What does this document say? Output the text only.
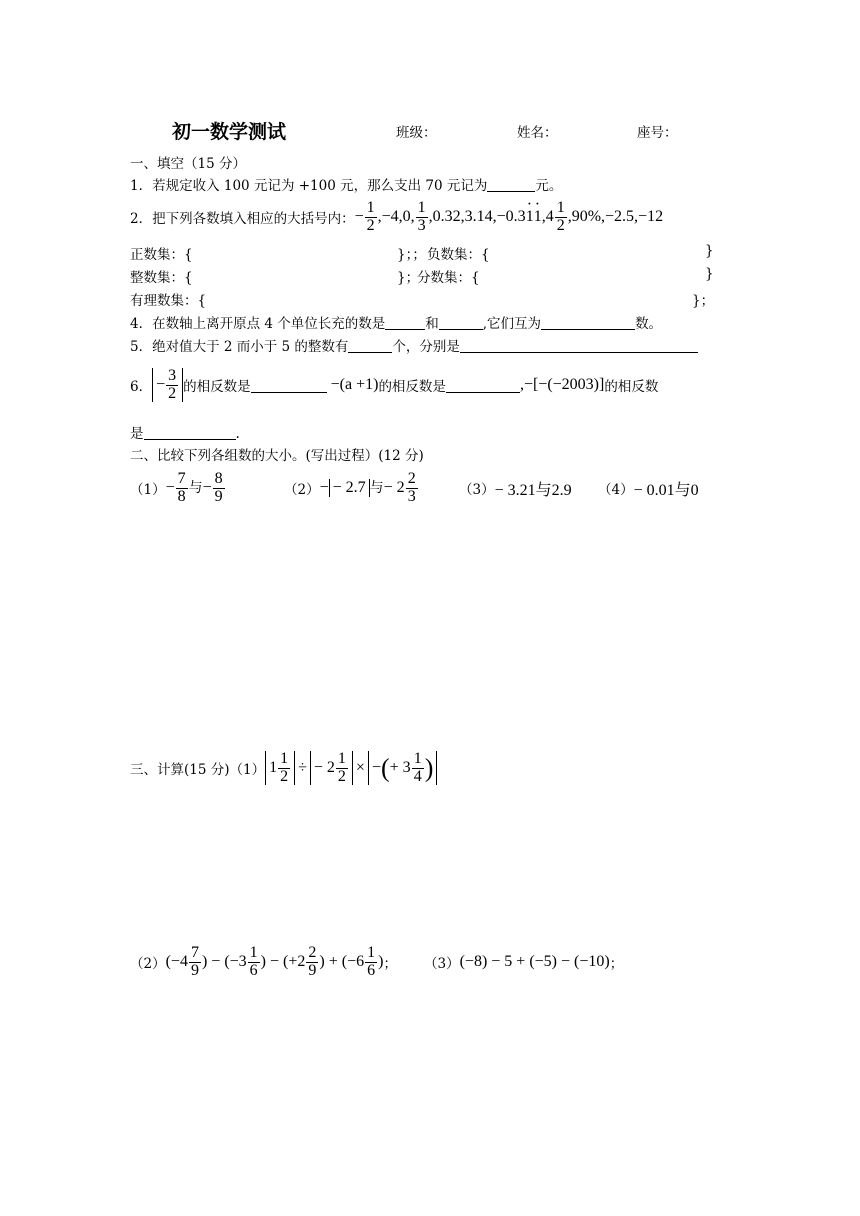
初一数学测试	班级：	姓名：	座号：
一、填空（15 分）
1．若规定收入 100 元记为 +100 元，那么支出 70 元记为	元。
2．把下列各数填入相应的大括号内： − $\frac{1}{2} ,-4,0$, $\frac{1}{3} ,0.32,3.14,-0.31 \cdot 1 \cdot,4 \frac{1}{2} ,90\%,-2.5,-12$
正数集：{	}；； 负数集：{	}
整数集：{	}；
分数集：{	}
有理数集：{	}；
4．在数轴上离开原点 4 个单位长充的数是	和	,它们互为	数。
5．绝对值大于 2 而小于 5 的整数有	个，分别是
6． − $\frac{3}{2}$ 的相反数是	−(a +1) 的相反数是	,−[−(−2003)] 的相反数
是	.
二、比较下列各组数的大小。(写出过程）(12 分)
$(1) - \frac{7}{8}$ 与− $\frac{8}{9}$	（2） − − 2.7 与− $2 \frac{2}{3}$	（3） − 3.21与2.9 （4） − 0.01与0
三、计算(15 分) （1） $1 \frac{1}{2}$ ÷ − $2 \frac{1}{2}$ × −(+ $3 \frac{1}{4}$ )
（2） ($-4 \frac{7}{9}$ ) − ($-3 \frac{1}{6}$ ) − ($+2 \frac{2}{9}$ ) + ($-6 \frac{1}{6}$ ) ； （3） (−8) − 5 + (−5) − (−10) ；
